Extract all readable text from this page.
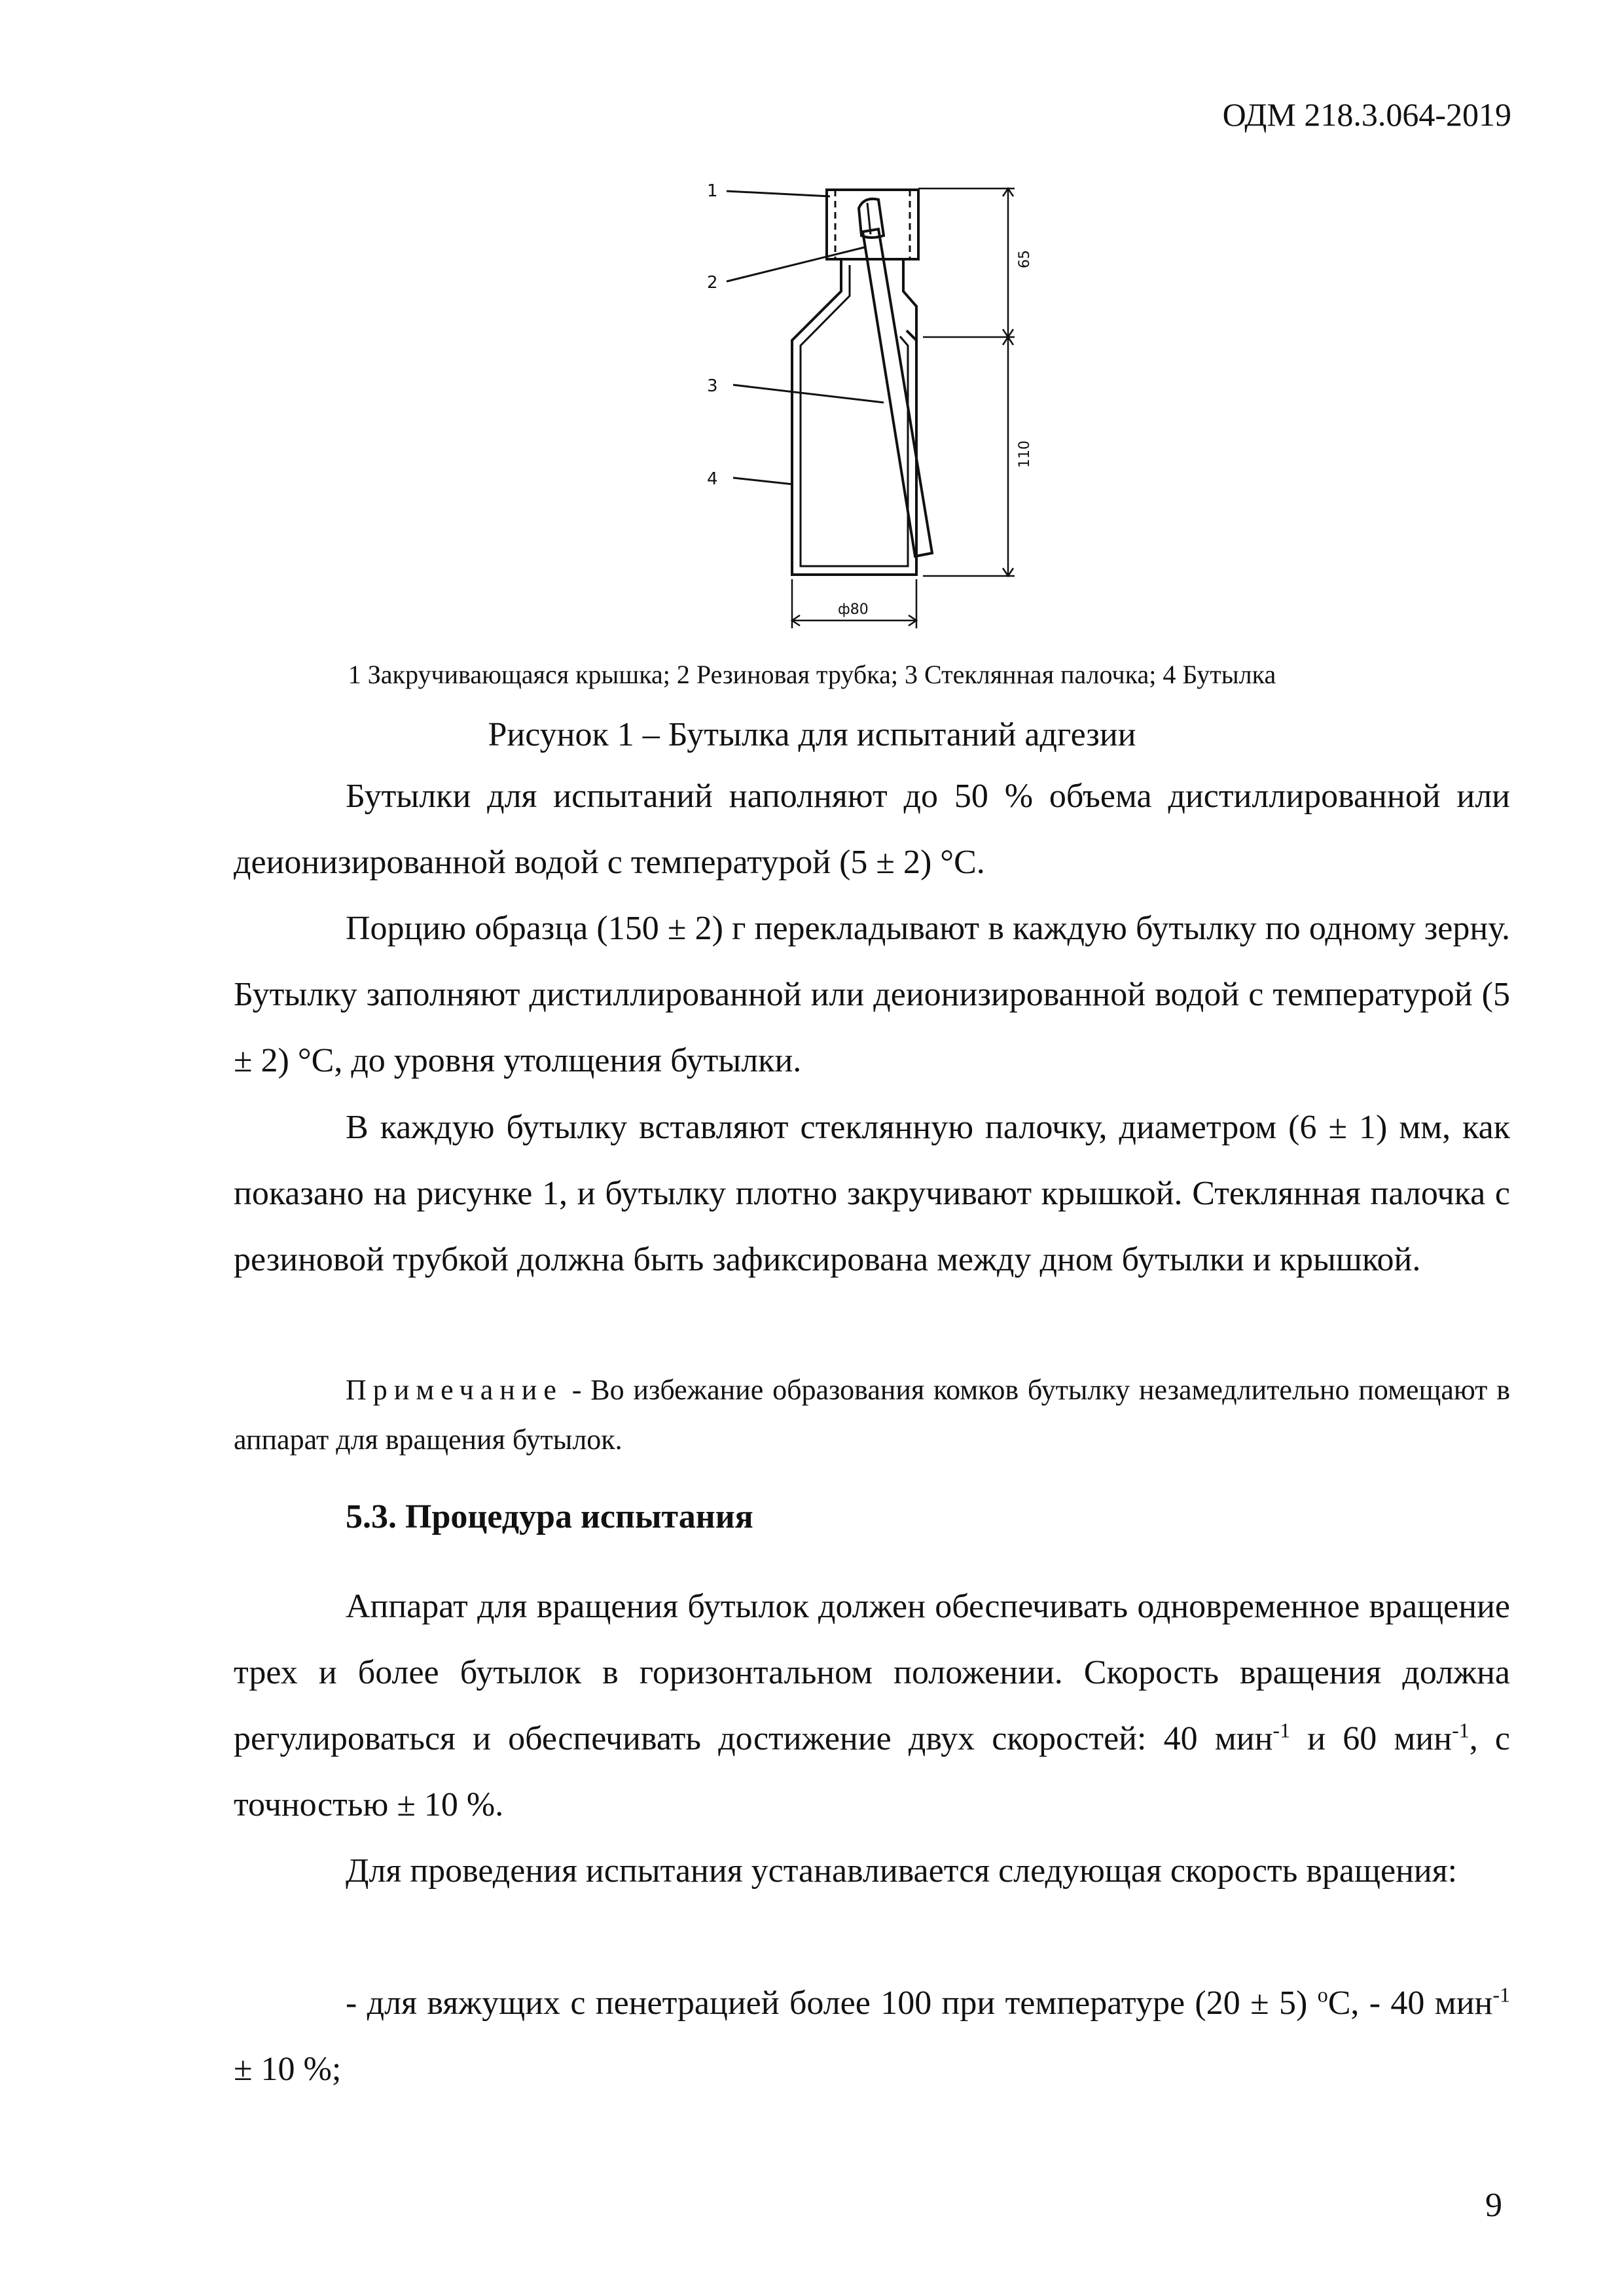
ОДМ 218.3.064-2019
1
2
3
4
65
110
ф80
1 Закручивающаяся крышка; 2 Резиновая трубка; 3 Стеклянная палочка; 4 Бутылка
Рисунок 1 – Бутылка для испытаний адгезии

Бутылки для испытаний наполняют до 50 % объема дистиллированной или деионизированной водой с температурой (5 ± 2) °С.

Порцию образца (150 ± 2) г перекладывают в каждую бутылку по одному зерну. Бутылку заполняют дистиллированной или деионизированной водой с температурой (5 ± 2) °С, до уровня утолщения бутылки.

В каждую бутылку вставляют стеклянную палочку, диаметром (6 ± 1) мм, как показано на рисунке 1, и бутылку плотно закручивают крышкой. Стеклянная палочка с резиновой трубкой должна быть зафиксирована между дном бутылки и крышкой.

Примечание - Во избежание образования комков бутылку незамедлительно помещают в аппарат для вращения бутылок.

5.3. Процедура испытания

Аппарат для вращения бутылок должен обеспечивать одновременное вращение трех и более бутылок в горизонтальном положении. Скорость вращения должна регулироваться и обеспечивать достижение двух скоростей: 40 мин$^{-1}$ и 60 мин$^{-1}$, с точностью ± 10 %.

Для проведения испытания устанавливается следующая скорость вращения:

- для вяжущих с пенетрацией более 100 при температуре (20 ± 5) $^о$С, - 40 мин$^{-1}$ ± 10 %;

9
